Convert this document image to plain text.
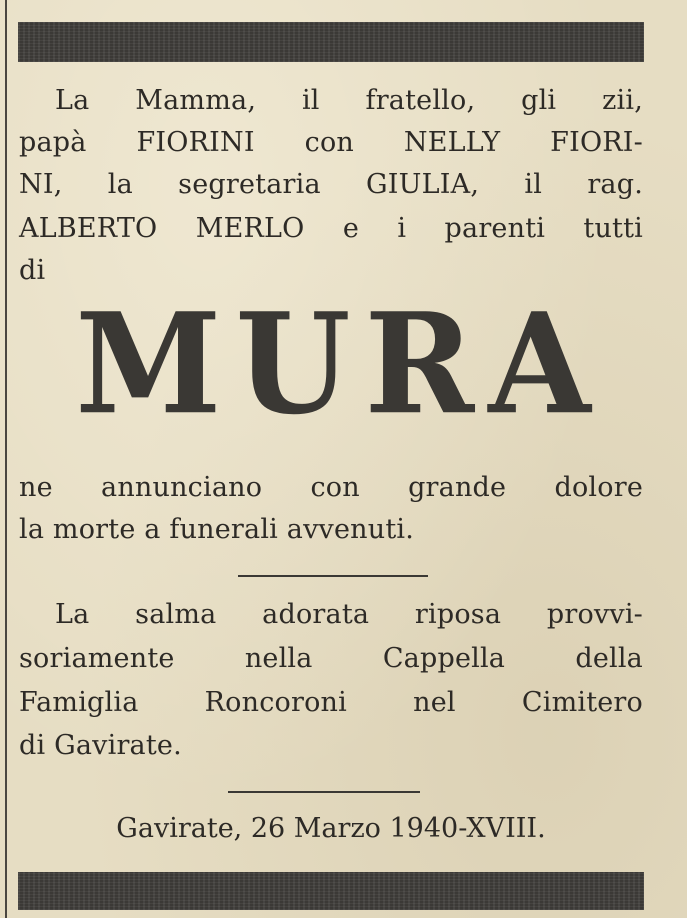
La Mamma, il fratello, gli zii,
papà FIORINI con NELLY FIORI-
NI, la segretaria GIULIA, il rag.
ALBERTO MERLO e i parenti tutti
di
MURA
ne annunciano con grande dolore
la morte a funerali avvenuti.
La salma adorata riposa provvi-
soriamente nella Cappella della
Famiglia Roncoroni nel Cimitero
di Gavirate.
Gavirate, 26 Marzo 1940-XVIII.
